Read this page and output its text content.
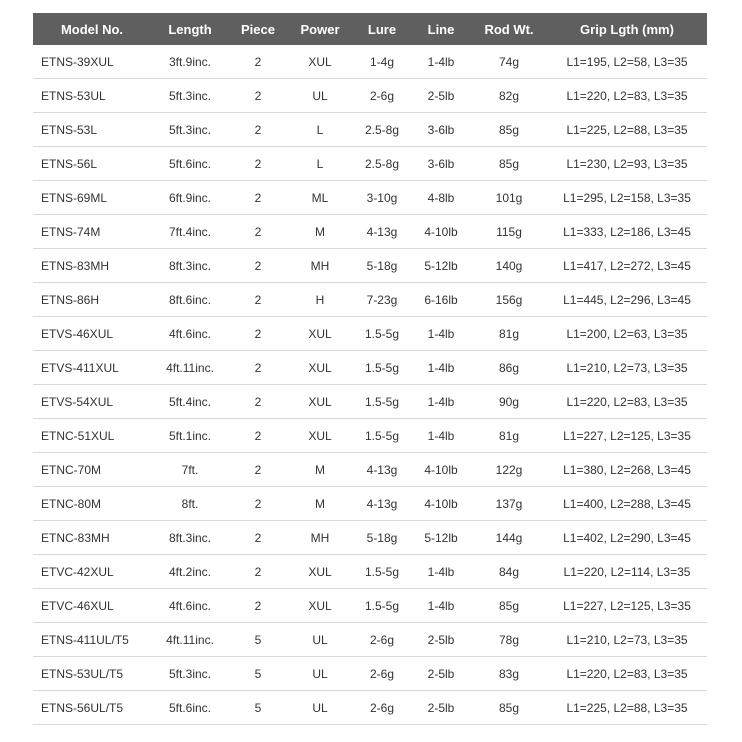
Model No.	Length	Piece	Power	Lure	Line	Rod Wt.	Grip Lgth (mm)
ETNS-39XUL	3ft.9inc.	2	XUL	1-4g	1-4lb	74g	L1=195, L2=58, L3=35
ETNS-53UL	5ft.3inc.	2	UL	2-6g	2-5lb	82g	L1=220, L2=83, L3=35
ETNS-53L	5ft.3inc.	2	L	2.5-8g	3-6lb	85g	L1=225, L2=88, L3=35
ETNS-56L	5ft.6inc.	2	L	2.5-8g	3-6lb	85g	L1=230, L2=93, L3=35
ETNS-69ML	6ft.9inc.	2	ML	3-10g	4-8lb	101g	L1=295, L2=158, L3=35
ETNS-74M	7ft.4inc.	2	M	4-13g	4-10lb	115g	L1=333, L2=186, L3=45
ETNS-83MH	8ft.3inc.	2	MH	5-18g	5-12lb	140g	L1=417, L2=272, L3=45
ETNS-86H	8ft.6inc.	2	H	7-23g	6-16lb	156g	L1=445, L2=296, L3=45
ETVS-46XUL	4ft.6inc.	2	XUL	1.5-5g	1-4lb	81g	L1=200, L2=63, L3=35
ETVS-411XUL	4ft.11inc.	2	XUL	1.5-5g	1-4lb	86g	L1=210, L2=73, L3=35
ETVS-54XUL	5ft.4inc.	2	XUL	1.5-5g	1-4lb	90g	L1=220, L2=83, L3=35
ETNC-51XUL	5ft.1inc.	2	XUL	1.5-5g	1-4lb	81g	L1=227, L2=125, L3=35
ETNC-70M	7ft.	2	M	4-13g	4-10lb	122g	L1=380, L2=268, L3=45
ETNC-80M	8ft.	2	M	4-13g	4-10lb	137g	L1=400, L2=288, L3=45
ETNC-83MH	8ft.3inc.	2	MH	5-18g	5-12lb	144g	L1=402, L2=290, L3=45
ETVC-42XUL	4ft.2inc.	2	XUL	1.5-5g	1-4lb	84g	L1=220, L2=114, L3=35
ETVC-46XUL	4ft.6inc.	2	XUL	1.5-5g	1-4lb	85g	L1=227, L2=125, L3=35
ETNS-411UL/T5	4ft.11inc.	5	UL	2-6g	2-5lb	78g	L1=210, L2=73, L3=35
ETNS-53UL/T5	5ft.3inc.	5	UL	2-6g	2-5lb	83g	L1=220, L2=83, L3=35
ETNS-56UL/T5	5ft.6inc.	5	UL	2-6g	2-5lb	85g	L1=225, L2=88, L3=35
